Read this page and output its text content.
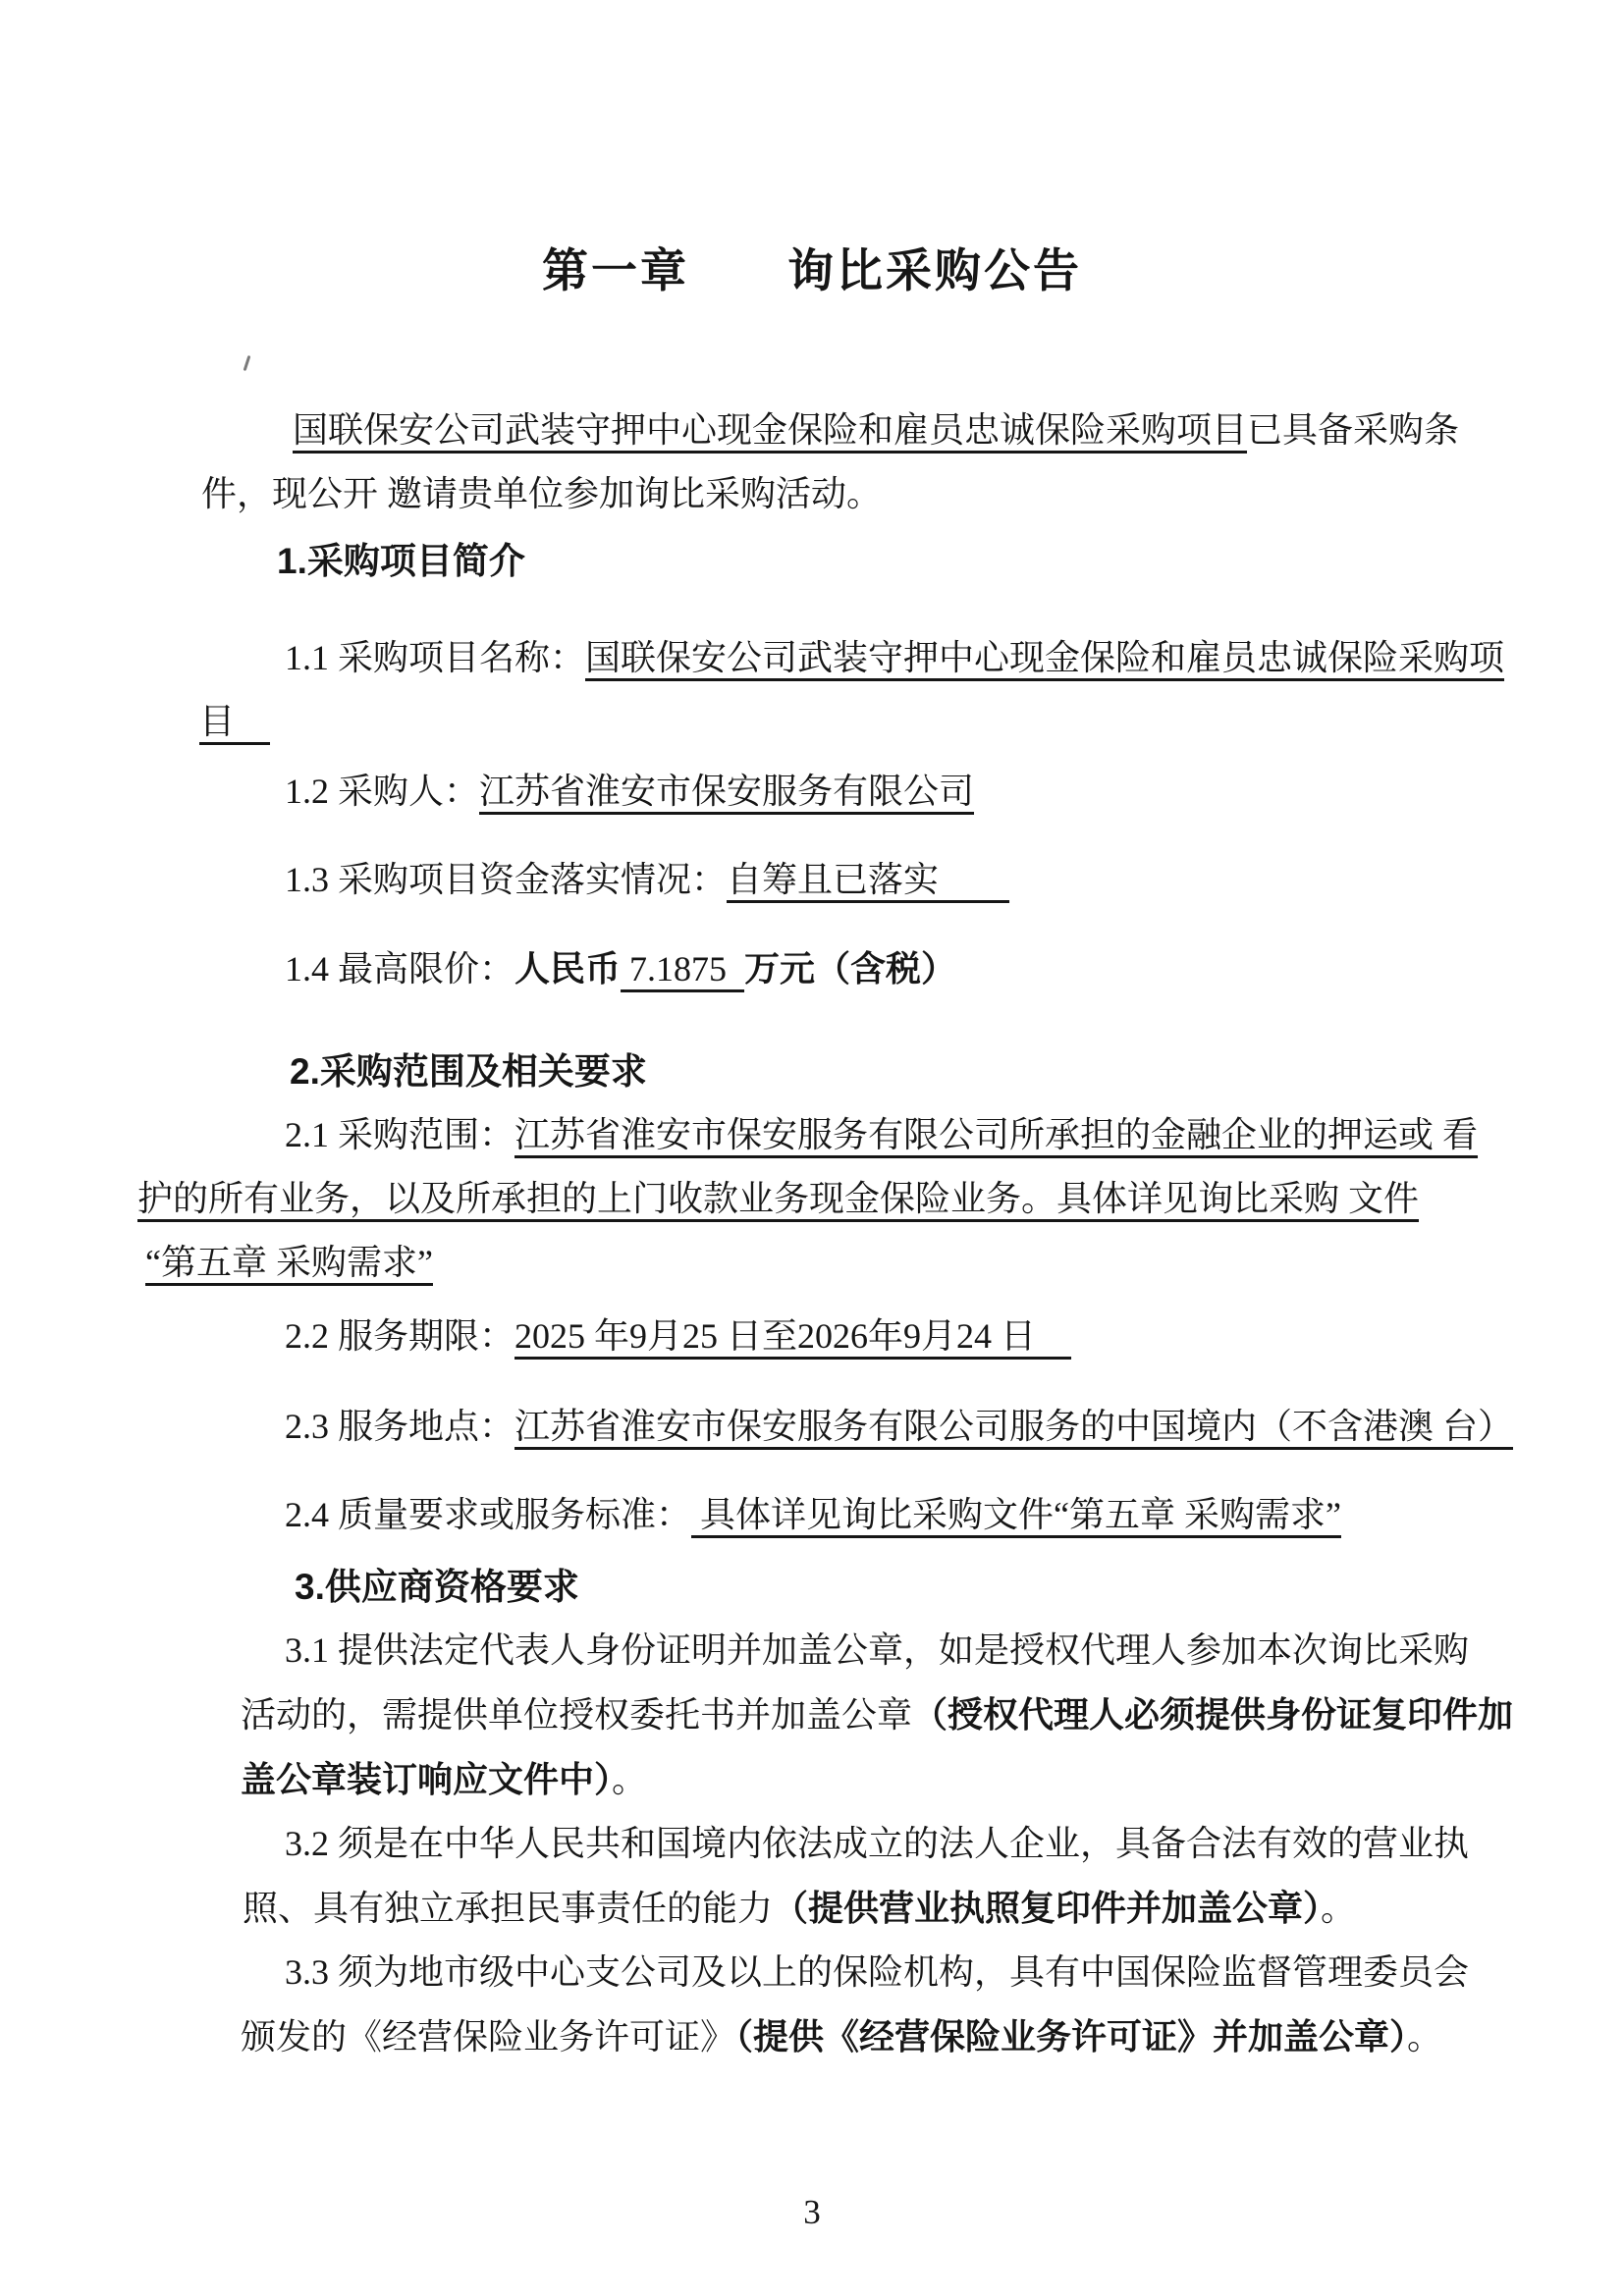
第一章　　询比采购公告
国联保安公司武装守押中心现金保险和雇员忠诚保险采购项目已具备采购条
件，现公开 邀请贵单位参加询比采购活动。
1.采购项目简介
1.1 采购项目名称：国联保安公司武装守押中心现金保险和雇员忠诚保险采购项
目　
1.2 采购人：江苏省淮安市保安服务有限公司
1.3 采购项目资金落实情况：自筹且已落实　　
1.4 最高限价：人民币 7.1875  万元（含税）
2.采购范围及相关要求
2.1 采购范围：江苏省淮安市保安服务有限公司所承担的金融企业的押运或 看
护的所有业务，以及所承担的上门收款业务现金保险业务。具体详见询比采购 文件
“第五章 采购需求”
2.2 服务期限：2025 年9月25 日至2026年9月24 日　
2.3 服务地点：江苏省淮安市保安服务有限公司服务的中国境内（不含港澳 台）
2.4 质量要求或服务标准： 具体详见询比采购文件“第五章 采购需求”
3.供应商资格要求
3.1 提供法定代表人身份证明并加盖公章，如是授权代理人参加本次询比采购
活动的，需提供单位授权委托书并加盖公章（授权代理人必须提供身份证复印件加
盖公章装订响应文件中）。
3.2 须是在中华人民共和国境内依法成立的法人企业，具备合法有效的营业执
照、具有独立承担民事责任的能力（提供营业执照复印件并加盖公章）。
3.3 须为地市级中心支公司及以上的保险机构，具有中国保险监督管理委员会
颁发的《经营保险业务许可证》（提供《经营保险业务许可证》并加盖公章）。
3
